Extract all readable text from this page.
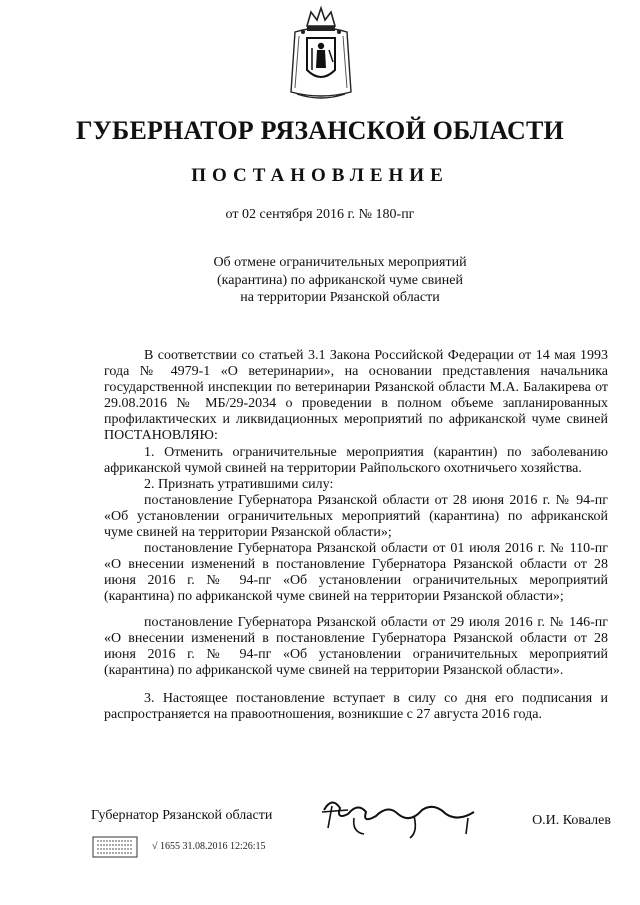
ГУБЕРНАТОР РЯЗАНСКОЙ ОБЛАСТИ
ПОСТАНОВЛЕНИЕ

от 02 сентября 2016 г. № 180-пг

Об отмене ограничительных мероприятий
(карантина) по африканской чуме свиней
на территории Рязанской области

В соответствии со статьей 3.1 Закона Российской Федерации от 14 мая 1993 года № 4979-1 «О ветеринарии», на основании представления начальника государственной инспекции по ветеринарии Рязанской области М.А. Балакирева от 29.08.2016 № МБ/29-2034 о проведении в полном объеме запланированных профилактических и ликвидационных мероприятий по африканской чуме свиней ПОСТАНОВЛЯЮ:

1. Отменить ограничительные мероприятия (карантин) по заболеванию африканской чумой свиней на территории Райпольского охотничьего хозяйства.

2. Признать утратившими силу:

постановление Губернатора Рязанской области от 28 июня 2016 г. № 94-пг «Об установлении ограничительных мероприятий (карантина) по африканской чуме свиней на территории Рязанской области»;

постановление Губернатора Рязанской области от 01 июля 2016 г. № 110-пг «О внесении изменений в постановление Губернатора Рязанской области от 28 июня 2016 г. № 94-пг «Об установлении ограничительных мероприятий (карантина) по африканской чуме свиней на территории Рязанской области»;

постановление Губернатора Рязанской области от 29 июля 2016 г. № 146-пг «О внесении изменений в постановление Губернатора Рязанской области от 28 июня 2016 г. № 94-пг «Об установлении ограничительных мероприятий (карантина) по африканской чуме свиней на территории Рязанской области».

3. Настоящее постановление вступает в силу со дня его подписания и распространяется на правоотношения, возникшие с 27 августа 2016 года.

Губернатор Рязанской области	О.И. Ковалев
√ 1655 31.08.2016 12:26:15
